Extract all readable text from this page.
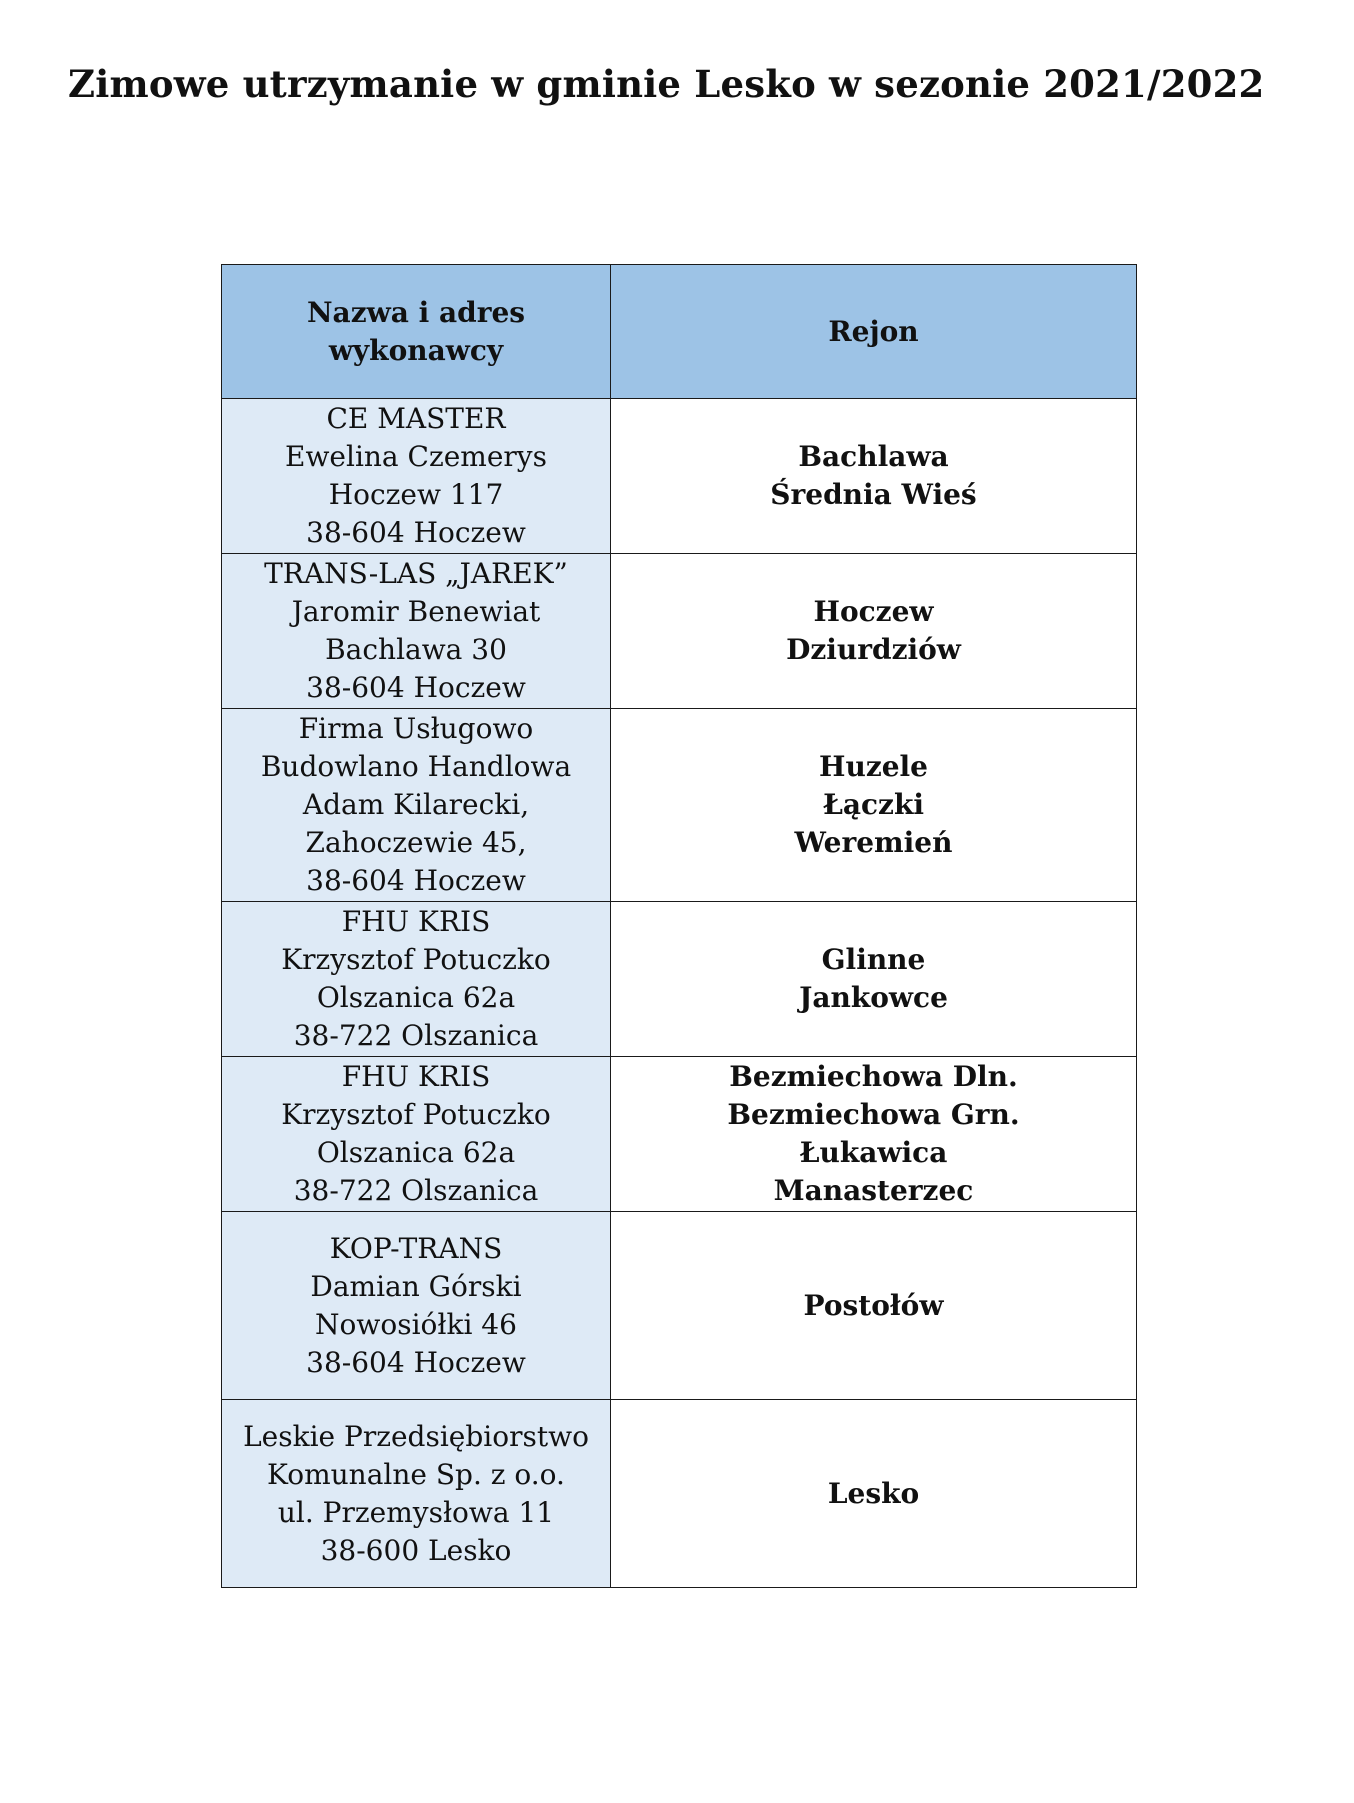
Zimowe utrzymanie w gminie Lesko w sezonie 2021/2022
Nazwa i adres
wykonawcy	Rejon

CE MASTER
Ewelina Czemerys
Hoczew 117
38-604 Hoczew	Bachlawa
Średnia Wieś

TRANS-LAS „JAREK”
Jaromir Benewiat
Bachlawa 30
38-604 Hoczew	Hoczew
Dziurdziów

Firma Usługowo
Budowlano Handlowa
Adam Kilarecki,
Zahoczewie 45,
38-604 Hoczew	Huzele
Łączki
Weremień

FHU KRIS
Krzysztof Potuczko
Olszanica 62a
38-722 Olszanica	Glinne
Jankowce

FHU KRIS
Krzysztof Potuczko
Olszanica 62a
38-722 Olszanica	Bezmiechowa Dln.
Bezmiechowa Grn.
Łukawica
Manasterzec

KOP-TRANS
Damian Górski
Nowosiółki 46
38-604 Hoczew	Postołów

Leskie Przedsiębiorstwo
Komunalne Sp. z o.o.
ul. Przemysłowa 11
38-600 Lesko	Lesko
